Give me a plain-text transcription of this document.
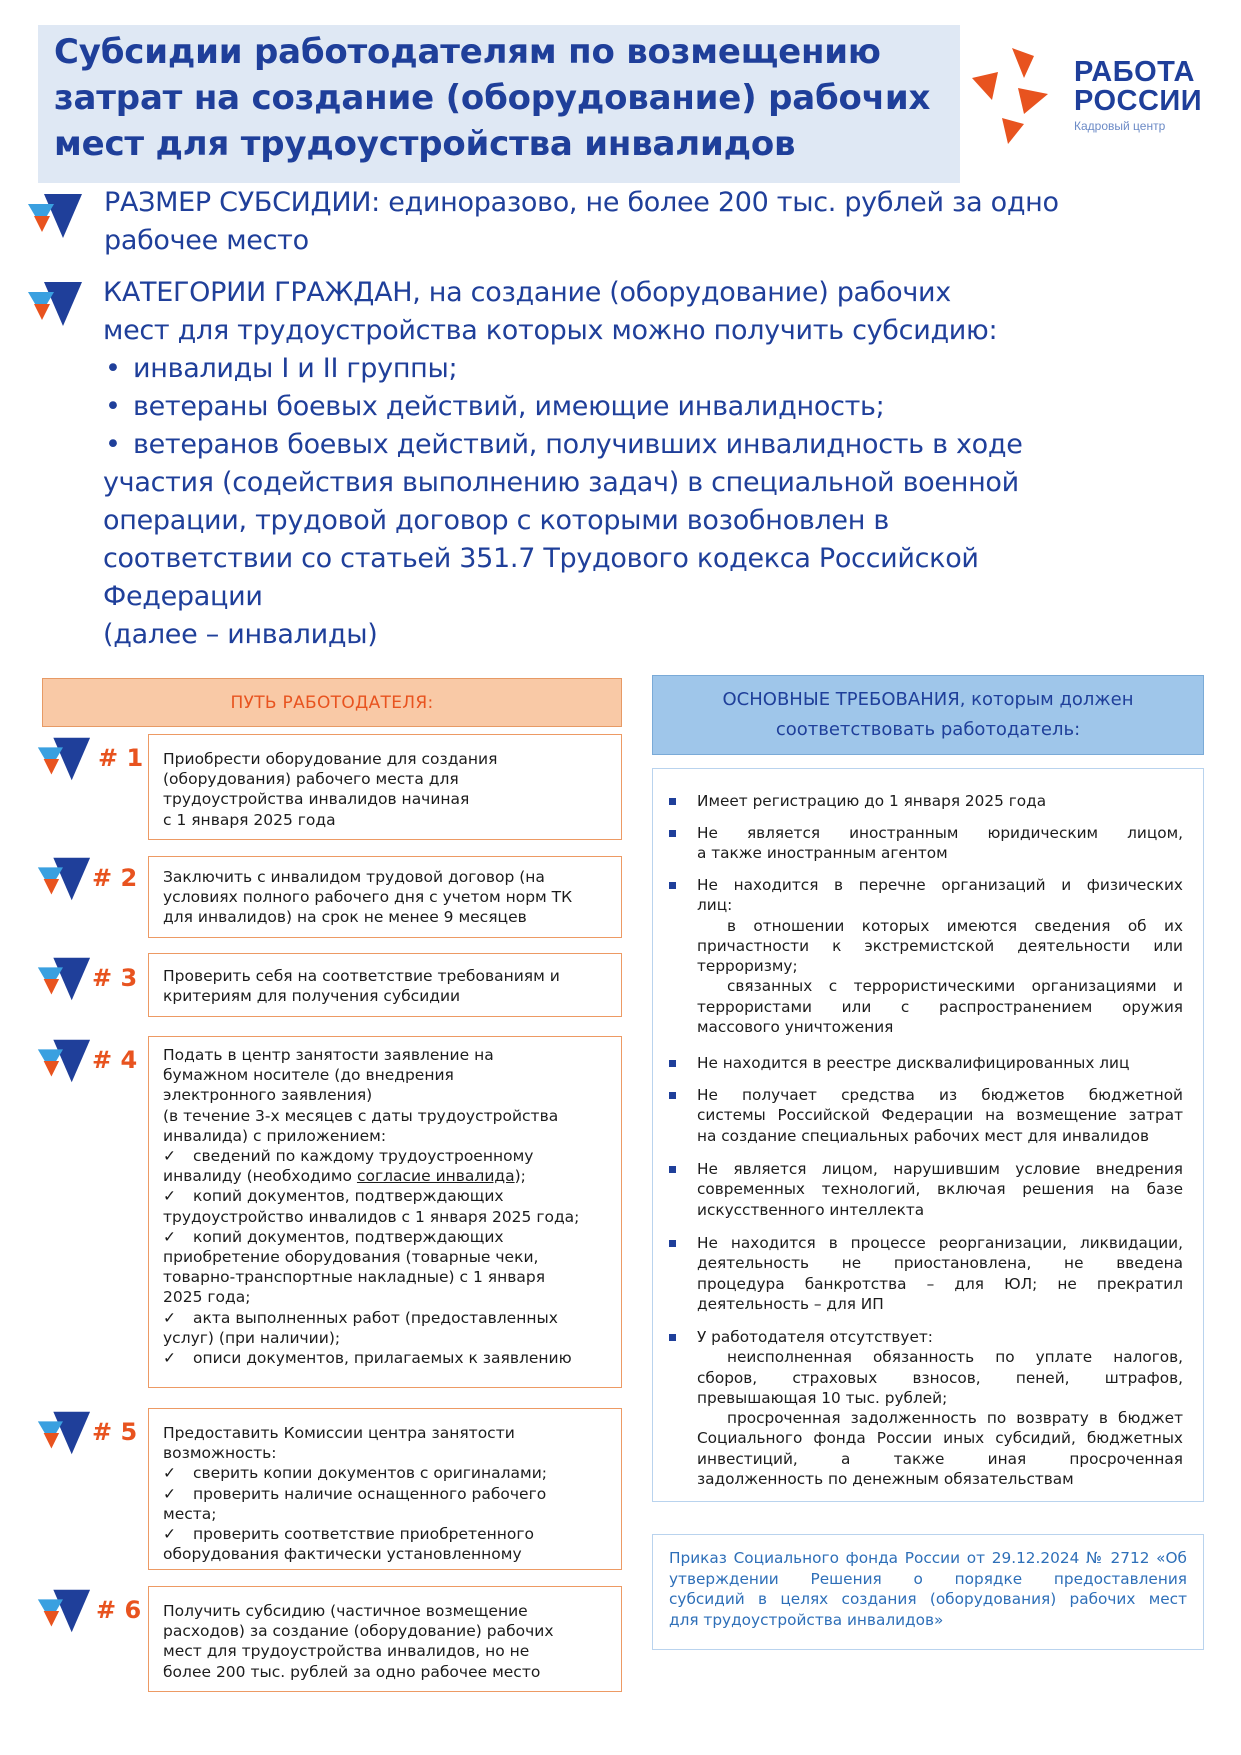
Субсидии работодателям по возмещению
затрат на создание (оборудование) рабочих
мест для трудоустройства инвалидов
РАБОТА
РОССИИ
Кадровый центр
РАЗМЕР СУБСИДИИ: единоразово, не более 200 тыс. рублей за одно
рабочее место
КАТЕГОРИИ ГРАЖДАН, на создание (оборудование) рабочих
мест для трудоустройства которых можно получить субсидию:
• инвалиды I и II группы;
• ветераны боевых действий, имеющие инвалидность;
• ветеранов боевых действий, получивших инвалидность в ходе
участия (содействия выполнению задач) в специальной военной
операции, трудовой договор с которыми возобновлен в
соответствии со статьей 351.7 Трудового кодекса Российской
Федерации
(далее – инвалиды)
ПУТЬ РАБОТОДАТЕЛЯ:
# 1 Приобрести оборудование для создания
(оборудования) рабочего места для
трудоустройства инвалидов начиная
с 1 января 2025 года
# 2 Заключить с инвалидом трудовой договор (на
условиях полного рабочего дня с учетом норм ТК
для инвалидов) на срок не менее 9 месяцев
# 3 Проверить себя на соответствие требованиям и
критериям для получения субсидии
# 4 Подать в центр занятости заявление на
бумажном носителе (до внедрения
электронного заявления)
(в течение 3-х месяцев с даты трудоустройства
инвалида) с приложением:
✓ сведений по каждому трудоустроенному
инвалиду (необходимо согласие инвалида);
✓ копий документов, подтверждающих
трудоустройство инвалидов с 1 января 2025 года;
✓ копий документов, подтверждающих
приобретение оборудования (товарные чеки,
товарно-транспортные накладные) с 1 января
2025 года;
✓ акта выполненных работ (предоставленных
услуг) (при наличии);
✓ описи документов, прилагаемых к заявлению
# 5 Предоставить Комиссии центра занятости
возможность:
✓ сверить копии документов с оригиналами;
✓ проверить наличие оснащенного рабочего
места;
✓ проверить соответствие приобретенного
оборудования фактически установленному
# 6 Получить субсидию (частичное возмещение
расходов) за создание (оборудование) рабочих
мест для трудоустройства инвалидов, но не
более 200 тыс. рублей за одно рабочее место
ОСНОВНЫЕ ТРЕБОВАНИЯ, которым должен
соответствовать работодатель:
Имеет регистрацию до 1 января 2025 года
Не является иностранным юридическим лицом,
а также иностранным агентом
Не находится в перечне организаций и физических
лиц:
в отношении которых имеются сведения об их
причастности к экстремистской деятельности или
терроризму;
связанных с террористическими организациями и
террористами или с распространением оружия
массового уничтожения
Не находится в реестре дисквалифицированных лиц
Не получает средства из бюджетов бюджетной
системы Российской Федерации на возмещение затрат
на создание специальных рабочих мест для инвалидов
Не является лицом, нарушившим условие внедрения
современных технологий, включая решения на базе
искусственного интеллекта
Не находится в процессе реорганизации, ликвидации,
деятельность не приостановлена, не введена
процедура банкротства – для ЮЛ; не прекратил
деятельность – для ИП
У работодателя отсутствует:
неисполненная обязанность по уплате налогов,
сборов, страховых взносов, пеней, штрафов,
превышающая 10 тыс. рублей;
просроченная задолженность по возврату в бюджет
Социального фонда России иных субсидий, бюджетных
инвестиций, а также иная просроченная
задолженность по денежным обязательствам
Приказ Социального фонда России от 29.12.2024 № 2712 «Об
утверждении Решения о порядке предоставления
субсидий в целях создания (оборудования) рабочих мест
для трудоустройства инвалидов»
